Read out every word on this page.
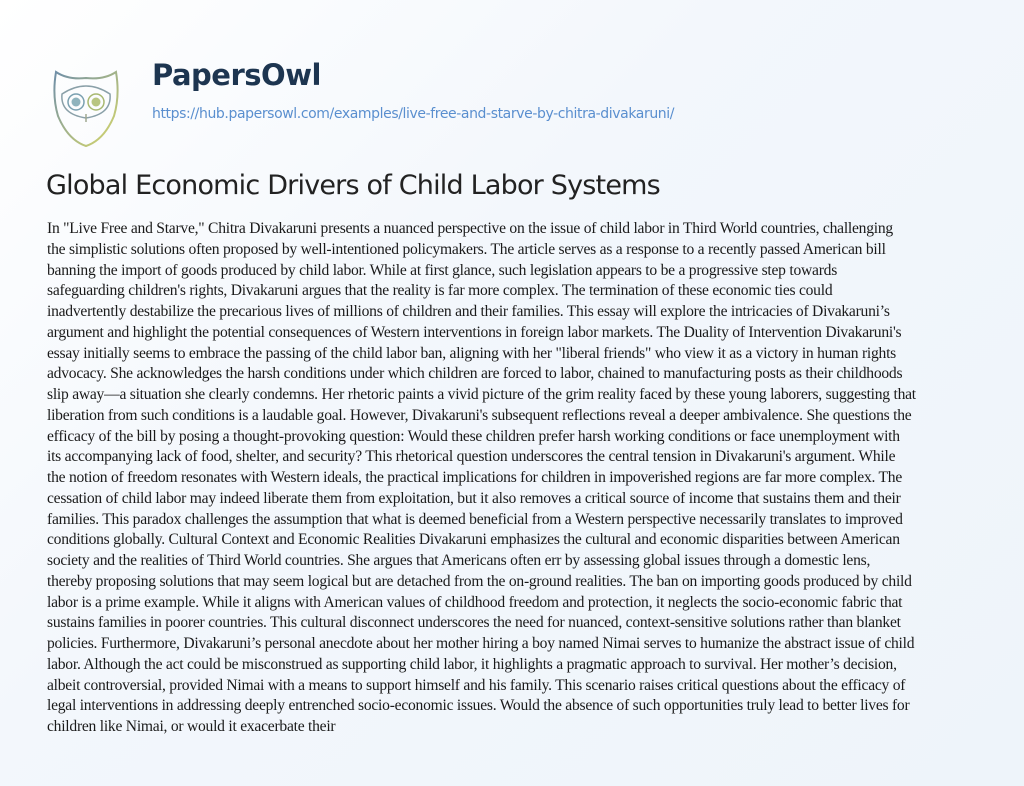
PapersOwl
https://hub.papersowl.com/examples/live-free-and-starve-by-chitra-divakaruni/
Global Economic Drivers of Child Labor Systems
In "Live Free and Starve," Chitra Divakaruni presents a nuanced perspective on the issue of child labor in Third World countries, challenging
the simplistic solutions often proposed by well-intentioned policymakers. The article serves as a response to a recently passed American bill
banning the import of goods produced by child labor. While at first glance, such legislation appears to be a progressive step towards
safeguarding children's rights, Divakaruni argues that the reality is far more complex. The termination of these economic ties could
inadvertently destabilize the precarious lives of millions of children and their families. This essay will explore the intricacies of Divakaruni’s
argument and highlight the potential consequences of Western interventions in foreign labor markets. The Duality of Intervention Divakaruni's
essay initially seems to embrace the passing of the child labor ban, aligning with her "liberal friends" who view it as a victory in human rights
advocacy. She acknowledges the harsh conditions under which children are forced to labor, chained to manufacturing posts as their childhoods
slip away—a situation she clearly condemns. Her rhetoric paints a vivid picture of the grim reality faced by these young laborers, suggesting that
liberation from such conditions is a laudable goal. However, Divakaruni's subsequent reflections reveal a deeper ambivalence. She questions the
efficacy of the bill by posing a thought-provoking question: Would these children prefer harsh working conditions or face unemployment with
its accompanying lack of food, shelter, and security? This rhetorical question underscores the central tension in Divakaruni's argument. While
the notion of freedom resonates with Western ideals, the practical implications for children in impoverished regions are far more complex. The
cessation of child labor may indeed liberate them from exploitation, but it also removes a critical source of income that sustains them and their
families. This paradox challenges the assumption that what is deemed beneficial from a Western perspective necessarily translates to improved
conditions globally. Cultural Context and Economic Realities Divakaruni emphasizes the cultural and economic disparities between American
society and the realities of Third World countries. She argues that Americans often err by assessing global issues through a domestic lens,
thereby proposing solutions that may seem logical but are detached from the on-ground realities. The ban on importing goods produced by child
labor is a prime example. While it aligns with American values of childhood freedom and protection, it neglects the socio-economic fabric that
sustains families in poorer countries. This cultural disconnect underscores the need for nuanced, context-sensitive solutions rather than blanket
policies. Furthermore, Divakaruni’s personal anecdote about her mother hiring a boy named Nimai serves to humanize the abstract issue of child
labor. Although the act could be misconstrued as supporting child labor, it highlights a pragmatic approach to survival. Her mother’s decision,
albeit controversial, provided Nimai with a means to support himself and his family. This scenario raises critical questions about the efficacy of
legal interventions in addressing deeply entrenched socio-economic issues. Would the absence of such opportunities truly lead to better lives for
children like Nimai, or would it exacerbate their
